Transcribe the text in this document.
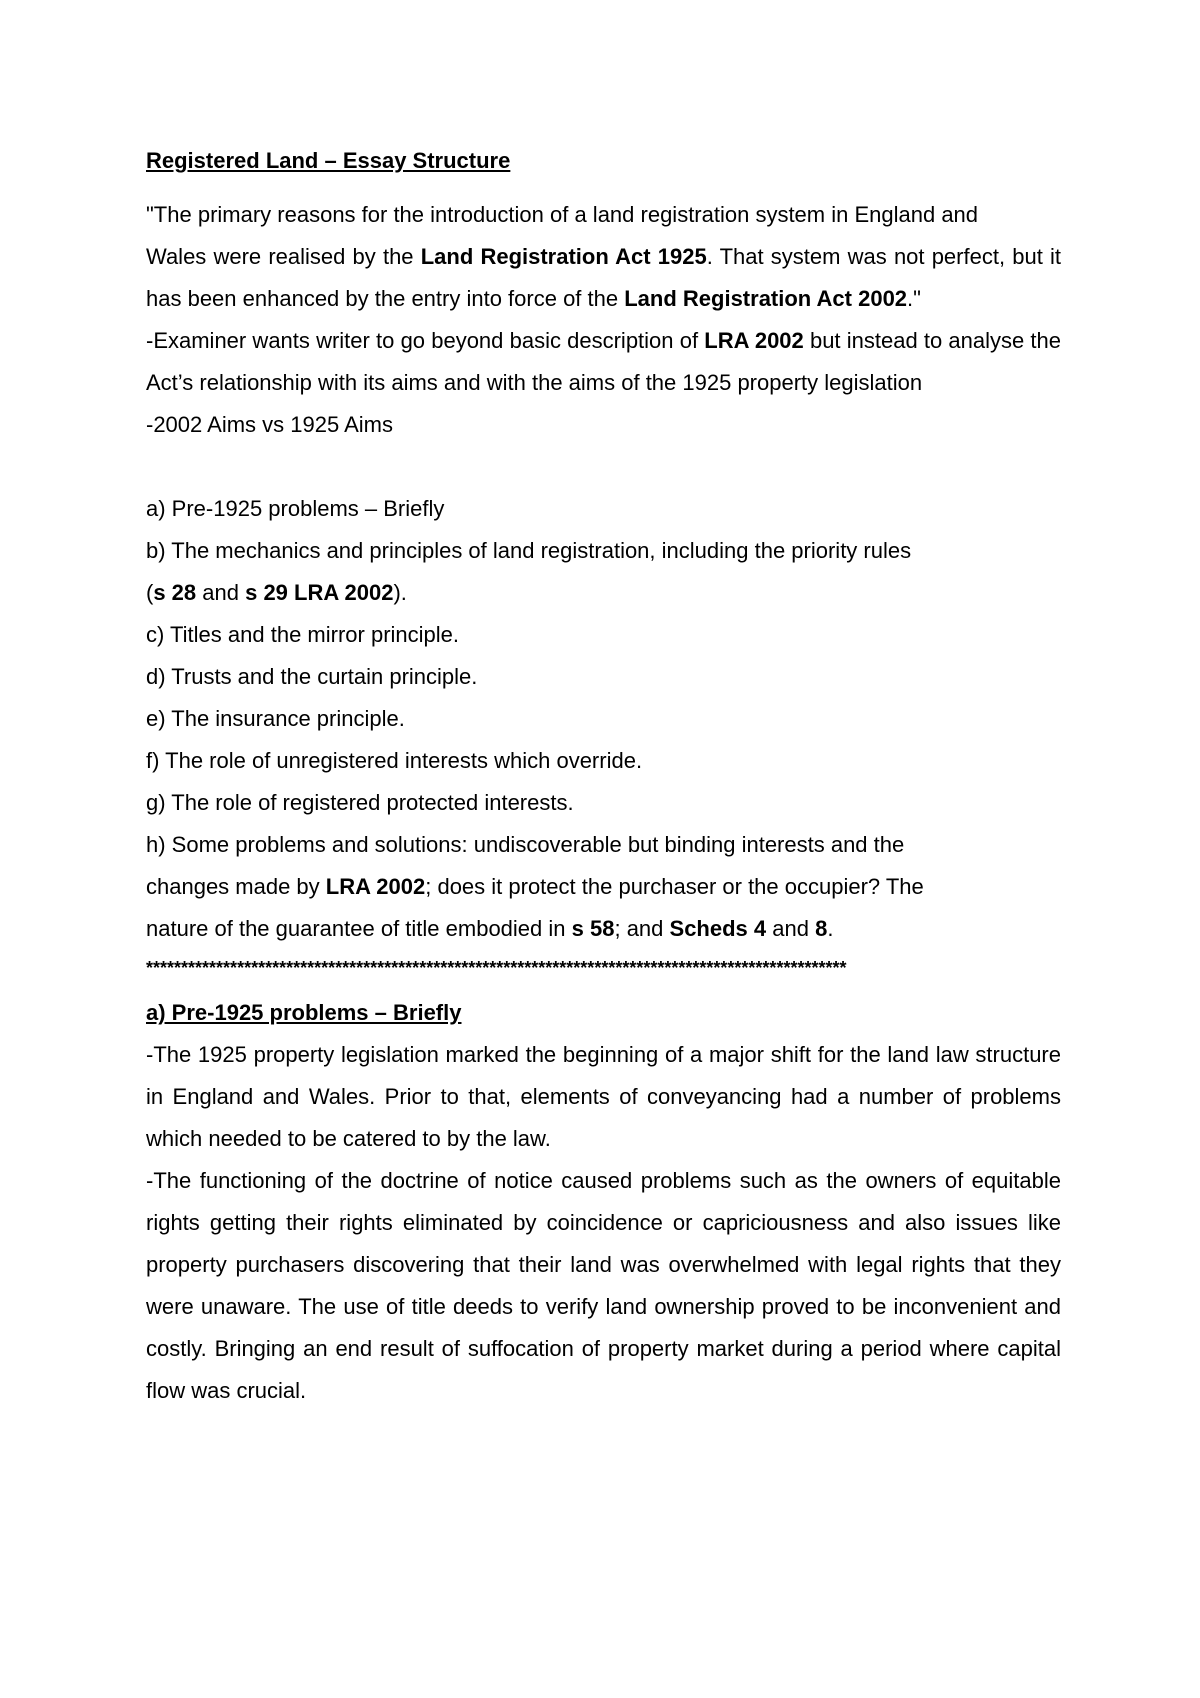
Registered Land – Essay Structure

"The primary reasons for the introduction of a land registration system in England and

Wales were realised by the Land Registration Act 1925. That system was not perfect, but it has been enhanced by the entry into force of the Land Registration Act 2002."

-Examiner wants writer to go beyond basic description of LRA 2002 but instead to analyse the Act’s relationship with its aims and with the aims of the 1925 property legislation

-2002 Aims vs 1925 Aims

a) Pre-1925 problems – Briefly

b) The mechanics and principles of land registration, including the priority rules

(s 28 and s 29 LRA 2002).

c) Titles and the mirror principle.

d) Trusts and the curtain principle.

e) The insurance principle.

f) The role of unregistered interests which override.

g) The role of registered protected interests.

h) Some problems and solutions: undiscoverable but binding interests and the

changes made by LRA 2002; does it protect the purchaser or the occupier? The

nature of the guarantee of title embodied in s 58; and Scheds 4 and 8.

****************************************************************************************************
a) Pre-1925 problems – Briefly

-The 1925 property legislation marked the beginning of a major shift for the land law structure in England and Wales. Prior to that, elements of conveyancing had a number of problems which needed to be catered to by the law.

-The functioning of the doctrine of notice caused problems such as the owners of equitable rights getting their rights eliminated by coincidence or capriciousness and also issues like property purchasers discovering that their land was overwhelmed with legal rights that they were unaware. The use of title deeds to verify land ownership proved to be inconvenient and costly. Bringing an end result of suffocation of property market during a period where capital flow was crucial.
